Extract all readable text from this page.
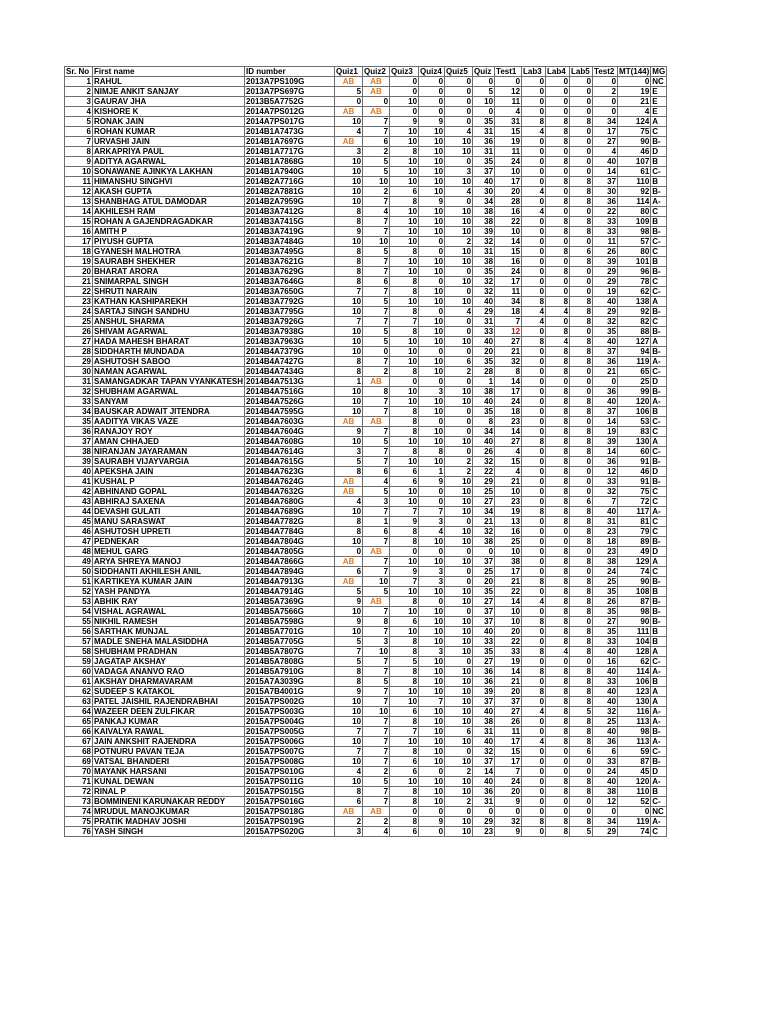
Sr. No	First name	ID number	Quiz1	Quiz2	Quiz3	Quiz4	Quiz5	Quiz	Test1	Lab3	Lab4	Lab5	Test2	MT(144)	MG
1	RAHUL	2013A7PS109G	AB	AB	0	0	0	0	0	0	0	0	0	0	NC
2	NIMJE ANKIT SANJAY	2013A7PS697G	5	AB	0	0	0	5	12	0	0	0	2	19	E
3	GAURAV JHA	2013B5A7752G	0	0	10	0	0	10	11	0	0	0	0	21	E
4	KISHORE K	2014A7PS012G	AB	AB	0	0	0	0	4	0	0	0	0	4	E
5	RONAK JAIN	2014A7PS017G	10	7	9	9	0	35	31	8	8	8	34	124	A
6	ROHAN KUMAR	2014B1A7473G	4	7	10	10	4	31	15	4	8	0	17	75	C
7	URVASHI JAIN	2014B1A7697G	AB	6	10	10	10	36	19	0	8	0	27	90	B-
8	ARKAPRIYA PAUL	2014B1A7717G	3	2	8	10	10	31	11	0	0	0	4	46	D
9	ADITYA AGARWAL	2014B1A7868G	10	5	10	10	0	35	24	0	8	0	40	107	B
10	SONAWANE AJINKYA LAKHAN	2014B1A7940G	10	5	10	10	3	37	10	0	0	0	14	61	C-
11	HIMANSHU SINGHVI	2014B2A7716G	10	10	10	10	10	40	17	0	8	8	37	110	B
12	AKASH GUPTA	2014B2A7881G	10	2	6	10	4	30	20	4	0	8	30	92	B-
13	SHANBHAG ATUL DAMODAR	2014B2A7959G	10	7	8	9	0	34	28	0	8	8	36	114	A-
14	AKHILESH RAM	2014B3A7412G	8	4	10	10	10	38	16	4	0	0	22	80	C
15	ROHAN A GAJENDRAGADKAR	2014B3A7415G	8	7	10	10	10	38	22	0	8	8	33	109	B
16	AMITH P	2014B3A7419G	9	7	10	10	10	39	10	0	8	8	33	98	B-
17	PIYUSH GUPTA	2014B3A7484G	10	10	10	0	2	32	14	0	0	0	11	57	C-
18	GYANESH MALHOTRA	2014B3A7495G	8	5	8	0	10	31	15	0	8	6	26	80	C
19	SAURABH SHEKHER	2014B3A7621G	8	7	10	10	10	38	16	0	0	8	39	101	B
20	BHARAT ARORA	2014B3A7629G	8	7	10	10	0	35	24	0	8	0	29	96	B-
21	SNIMARPAL SINGH	2014B3A7646G	8	6	8	0	10	32	17	0	0	0	29	78	C
22	SHRUTI NARAIN	2014B3A7650G	7	7	8	10	0	32	11	0	0	0	19	62	C-
23	KATHAN KASHIPAREKH	2014B3A7792G	10	5	10	10	10	40	34	8	8	8	40	138	A
24	SARTAJ SINGH SANDHU	2014B3A7795G	10	7	8	0	4	29	18	4	4	8	29	92	B-
25	ANSHUL SHARMA	2014B3A7926G	7	7	7	10	0	31	7	4	0	8	32	82	C
26	SHIVAM AGARWAL	2014B3A7938G	10	5	8	10	0	33	12	0	8	0	35	88	B-
27	HADA MAHESH BHARAT	2014B3A7963G	10	5	10	10	10	40	27	8	4	8	40	127	A
28	SIDDHARTH MUNDADA	2014B4A7379G	10	0	10	0	0	20	21	0	8	8	37	94	B-
29	ASHUTOSH SABOO	2014B4A7427G	8	7	10	10	6	35	32	0	8	8	36	119	A-
30	NAMAN AGARWAL	2014B4A7434G	8	2	8	10	2	28	8	0	8	0	21	65	C-
31	SAMANGADKAR TAPAN VYANKATESH	2014B4A7513G	1	AB	0	0	0	1	14	0	0	0	0	25	D
32	SHUBHAM AGARWAL	2014B4A7516G	10	8	10	3	10	38	17	0	8	0	36	99	B-
33	SANYAM	2014B4A7526G	10	7	10	10	10	40	24	0	8	8	40	120	A-
34	BAUSKAR ADWAIT JITENDRA	2014B4A7595G	10	7	8	10	0	35	18	0	8	8	37	106	B
35	AADITYA VIKAS VAZE	2014B4A7603G	AB	AB	8	0	0	8	23	0	8	0	14	53	C-
36	RANAJOY ROY	2014B4A7604G	9	7	8	10	0	34	14	0	8	8	19	83	C
37	AMAN CHHAJED	2014B4A7608G	10	5	10	10	10	40	27	8	8	8	39	130	A
38	NIRANJAN JAYARAMAN	2014B4A7614G	3	7	8	8	0	26	4	0	8	8	14	60	C-
39	SAURABH VIJAYVARGIA	2014B4A7615G	5	7	10	10	2	32	15	0	8	0	36	91	B-
40	APEKSHA JAIN	2014B4A7623G	8	6	6	1	2	22	4	0	8	0	12	46	D
41	KUSHAL P	2014B4A7624G	AB	4	6	9	10	29	21	0	8	0	33	91	B-
42	ABHINAND GOPAL	2014B4A7632G	AB	5	10	0	10	25	10	0	8	0	32	75	C
43	ABHIRAJ SAXENA	2014B4A7680G	4	3	10	0	10	27	23	0	8	6	7	72	C
44	DEVASHI GULATI	2014B4A7689G	10	7	7	7	10	34	19	8	8	8	40	117	A-
45	MANU SARASWAT	2014B4A7782G	8	1	9	3	0	21	13	0	8	8	31	81	C
46	ASHUTOSH UPRETI	2014B4A7784G	8	6	8	4	10	32	16	0	0	8	23	79	C
47	PEDNEKAR	2014B4A7804G	10	7	8	10	10	38	25	0	0	8	18	89	B-
48	MEHUL GARG	2014B4A7805G	0	AB	0	0	0	0	10	0	8	0	23	49	D
49	ARYA SHREYA MANOJ	2014B4A7866G	AB	7	10	10	10	37	38	0	8	8	38	129	A
50	SIDDHANTI AKHILESH ANIL	2014B4A7894G	6	7	9	3	0	25	17	0	8	0	24	74	C
51	KARTIKEYA KUMAR JAIN	2014B4A7913G	AB	10	7	3	0	20	21	8	8	8	25	90	B-
52	YASH PANDYA	2014B4A7914G	5	5	10	10	10	35	22	0	8	8	35	108	B
53	ABHIK RAY	2014B5A7369G	9	AB	8	0	10	27	14	4	8	8	26	87	B-
54	VISHAL AGRAWAL	2014B5A7566G	10	7	10	10	0	37	10	0	8	8	35	98	B-
55	NIKHIL RAMESH	2014B5A7598G	9	8	6	10	10	37	10	8	8	0	27	90	B-
56	SARTHAK MUNJAL	2014B5A7701G	10	7	10	10	10	40	20	0	8	8	35	111	B
57	MADLE SNEHA MALASIDDHA	2014B5A7705G	5	3	8	10	10	33	22	0	8	8	33	104	B
58	SHUBHAM PRADHAN	2014B5A7807G	7	10	8	3	10	35	33	8	4	8	40	128	A
59	JAGATAP AKSHAY	2014B5A7808G	5	7	5	10	0	27	19	0	0	0	16	62	C-
60	VADAGA ANANVO RAO	2014B5A7910G	8	7	8	10	10	36	14	8	8	8	40	114	A-
61	AKSHAY DHARMAVARAM	2015A7A3039G	8	5	8	10	10	36	21	0	8	8	33	106	B
62	SUDEEP S KATAKOL	2015A7B4001G	9	7	10	10	10	39	20	8	8	8	40	123	A
63	PATEL JAISHIL RAJENDRABHAI	2015A7PS002G	10	7	10	7	10	37	37	0	8	8	40	130	A
64	WAZEER DEEN ZULFIKAR	2015A7PS003G	10	10	6	10	10	40	27	4	8	5	32	116	A-
65	PANKAJ KUMAR	2015A7PS004G	10	7	8	10	10	38	26	0	8	8	25	113	A-
66	KAIVALYA RAWAL	2015A7PS005G	7	7	7	10	6	31	11	0	8	8	40	98	B-
67	JAIN ANKSHIT RAJENDRA	2015A7PS006G	10	7	10	10	10	40	17	4	8	8	36	113	A-
68	POTNURU PAVAN TEJA	2015A7PS007G	7	7	8	10	0	32	15	0	0	6	6	59	C-
69	VATSAL BHANDERI	2015A7PS008G	10	7	6	10	10	37	17	0	0	0	33	87	B-
70	MAYANK HARSANI	2015A7PS010G	4	2	6	0	2	14	7	0	0	0	24	45	D
71	KUNAL DEWAN	2015A7PS011G	10	5	10	10	10	40	24	0	8	8	40	120	A-
72	RINAL P	2015A7PS015G	8	7	8	10	10	36	20	0	8	8	38	110	B
73	BOMMINENI KARUNAKAR REDDY	2015A7PS016G	6	7	8	10	2	31	9	0	0	0	12	52	C-
74	MRUDUL MANOJKUMAR	2015A7PS018G	AB	AB	0	0	0	0	0	0	0	0	0	0	NC
75	PRATIK MADHAV JOSHI	2015A7PS019G	2	2	8	9	10	29	32	8	8	8	34	119	A-
76	YASH SINGH	2015A7PS020G	3	4	6	0	10	23	9	0	8	5	29	74	C
